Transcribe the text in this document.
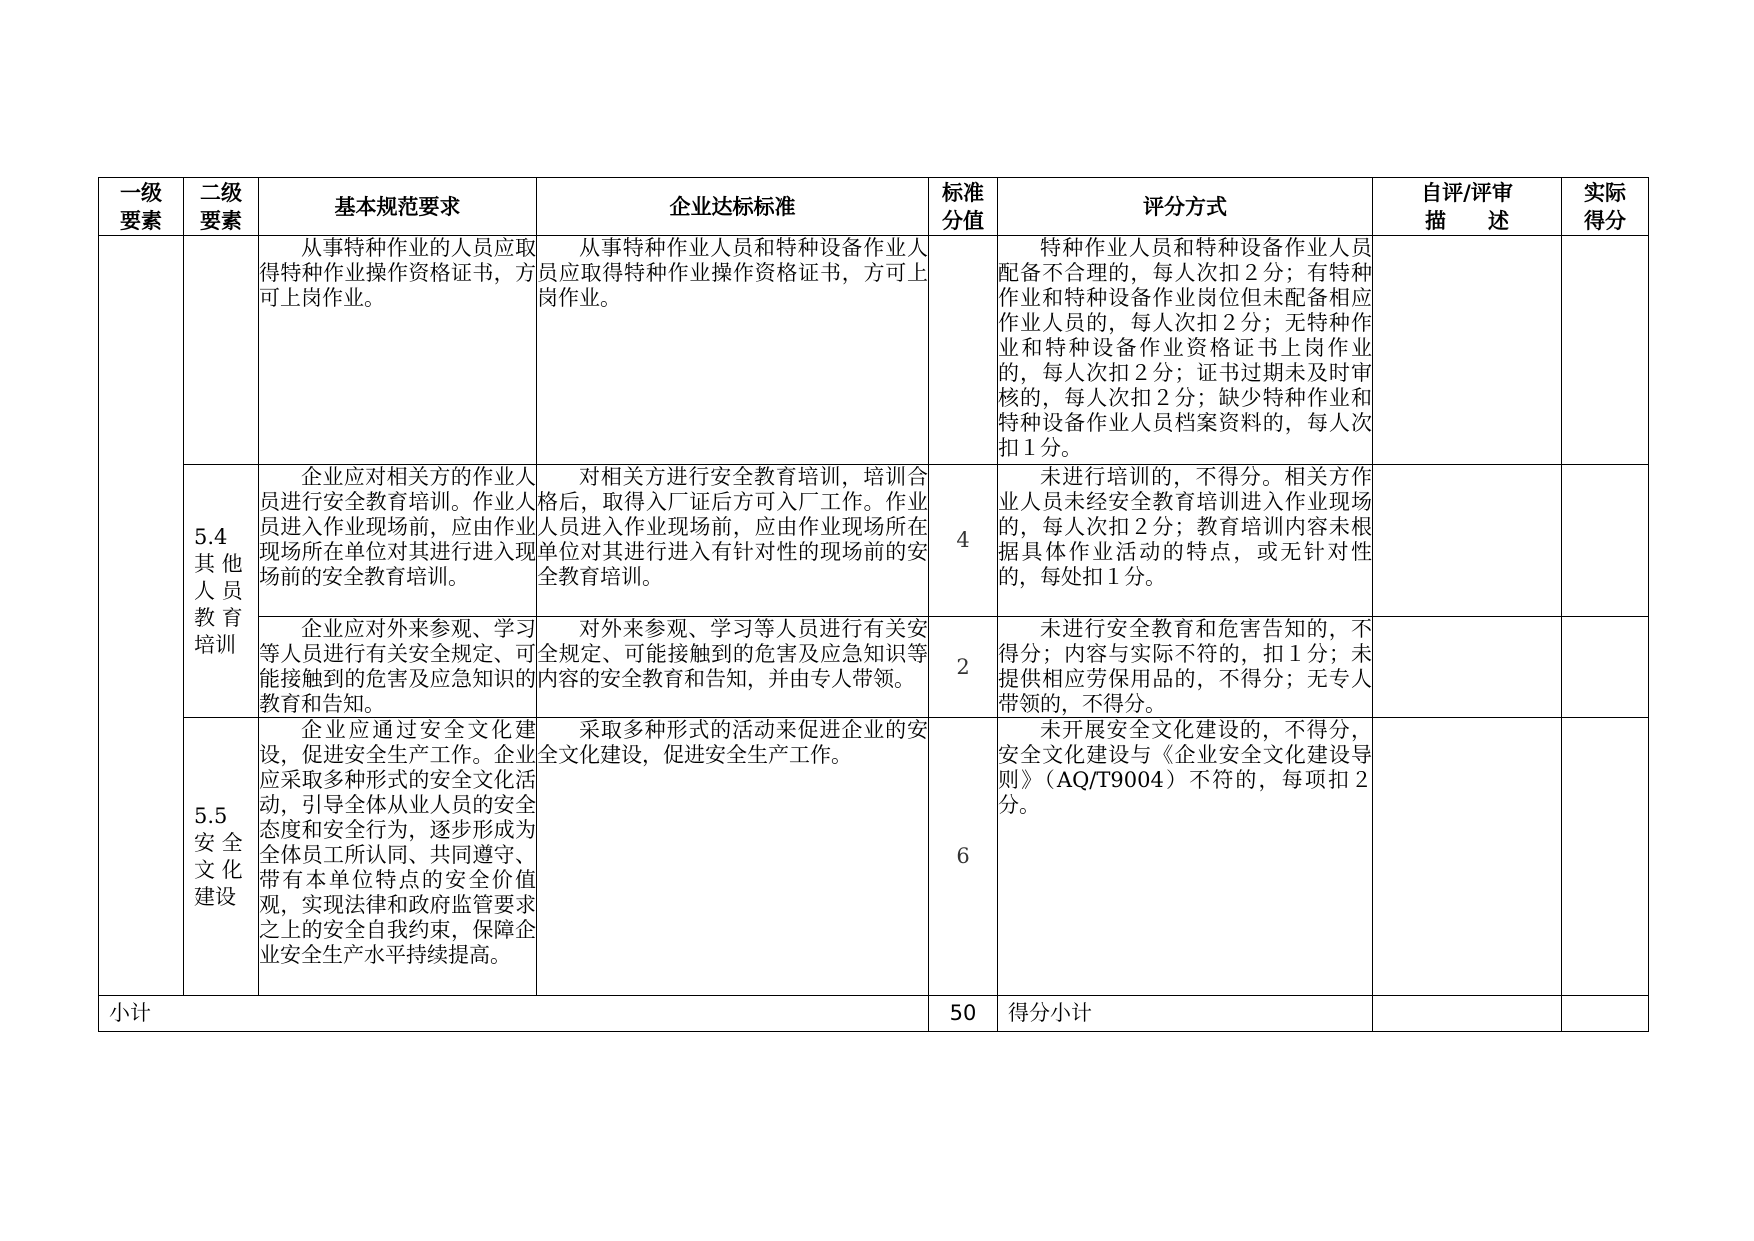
一级要素	二级要素	基本规范要求	企业达标标准	标准分值	评分方式	自评/评审描　　述	实际得分

		从事特种作业的人员应取得特种作业操作资格证书，方可上岗作业。	从事特种作业人员和特种设备作业人员应取得特种作业操作资格证书，方可上岗作业。		特种作业人员和特种设备作业人员配备不合理的，每人次扣２分；有特种作业和特种设备作业岗位但未配备相应作业人员的，每人次扣２分；无特种作业和特种设备作业资格证书上岗作业的，每人次扣２分；证书过期未及时审核的，每人次扣２分；缺少特种作业和特种设备作业人员档案资料的，每人次扣１分。		

	5.4
其 他
人 员
教 育
培训	企业应对相关方的作业人员进行安全教育培训。作业人员进入作业现场前，应由作业现场所在单位对其进行进入现场前的安全教育培训。	对相关方进行安全教育培训，培训合格后，取得入厂证后方可入厂工作。作业人员进入作业现场前，应由作业现场所在单位对其进行进入有针对性的现场前的安全教育培训。	4	未进行培训的，不得分。相关方作业人员未经安全教育培训进入作业现场的，每人次扣２分；教育培训内容未根据具体作业活动的特点，或无针对性的，每处扣１分。		

		企业应对外来参观、学习等人员进行有关安全规定、可能接触到的危害及应急知识的教育和告知。	对外来参观、学习等人员进行有关安全规定、可能接触到的危害及应急知识等内容的安全教育和告知，并由专人带领。	2	未进行安全教育和危害告知的，不得分；内容与实际不符的，扣１分；未提供相应劳保用品的，不得分；无专人带领的，不得分。		

	5.5
安 全
文 化
建设	企业应通过安全文化建设，促进安全生产工作。企业应采取多种形式的安全文化活动，引导全体从业人员的安全态度和安全行为，逐步形成为全体员工所认同、共同遵守、带有本单位特点的安全价值观，实现法律和政府监管要求之上的安全自我约束，保障企业安全生产水平持续提高。	采取多种形式的活动来促进企业的安全文化建设，促进安全生产工作。	6	未开展安全文化建设的，不得分，安全文化建设与《企业安全文化建设导则》（AQ/T9004）不符的，每项扣２分。		

小计				50	得分小计		
